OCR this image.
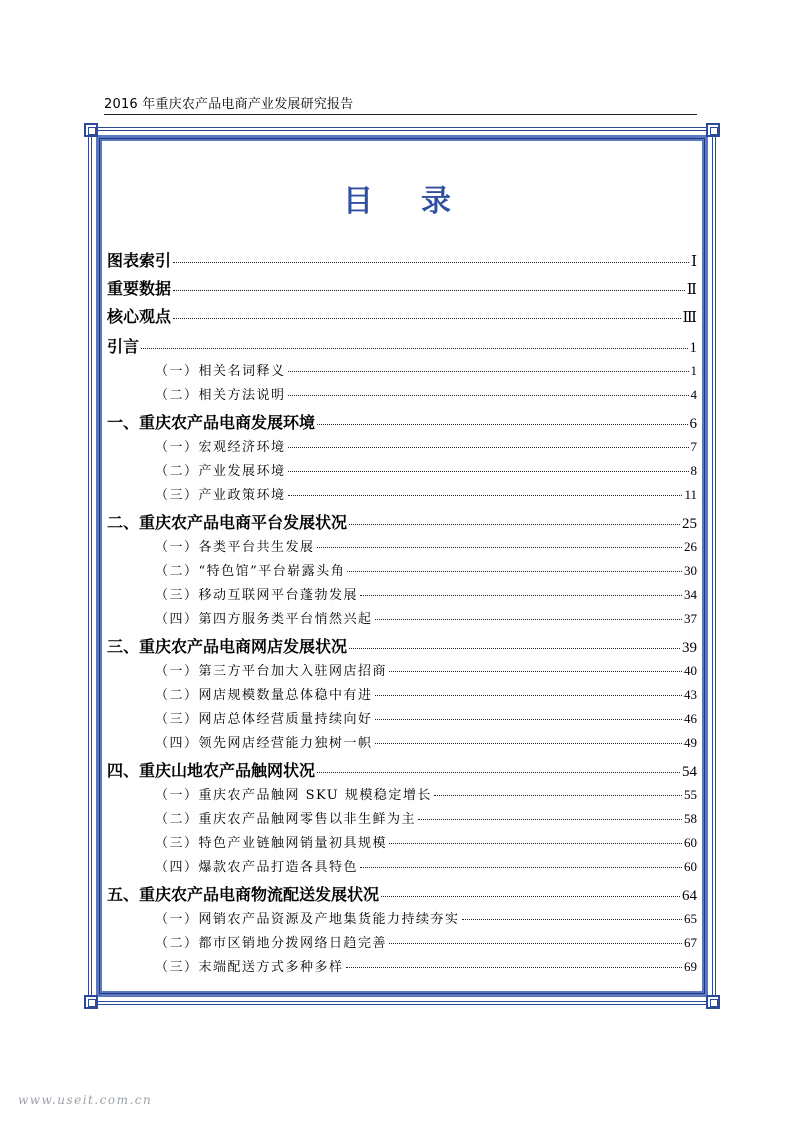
2016 年重庆农产品电商产业发展研究报告
目录
图表索引	Ⅰ
重要数据	Ⅱ
核心观点	Ⅲ
引言	1
（一）相关名词释义	1
（二）相关方法说明	4
一、重庆农产品电商发展环境	6
（一）宏观经济环境	7
（二）产业发展环境	8
（三）产业政策环境	11
二、重庆农产品电商平台发展状况	25
（一）各类平台共生发展	26
（二）“特色馆”平台崭露头角	30
（三）移动互联网平台蓬勃发展	34
（四）第四方服务类平台悄然兴起	37
三、重庆农产品电商网店发展状况	39
（一）第三方平台加大入驻网店招商	40
（二）网店规模数量总体稳中有进	43
（三）网店总体经营质量持续向好	46
（四）领先网店经营能力独树一帜	49
四、重庆山地农产品触网状况	54
（一）重庆农产品触网 SKU 规模稳定增长	55
（二）重庆农产品触网零售以非生鲜为主	58
（三）特色产业链触网销量初具规模	60
（四）爆款农产品打造各具特色	60
五、重庆农产品电商物流配送发展状况	64
（一）网销农产品资源及产地集货能力持续夯实	65
（二）都市区销地分拨网络日趋完善	67
（三）末端配送方式多种多样	69
www.useit.com.cn
